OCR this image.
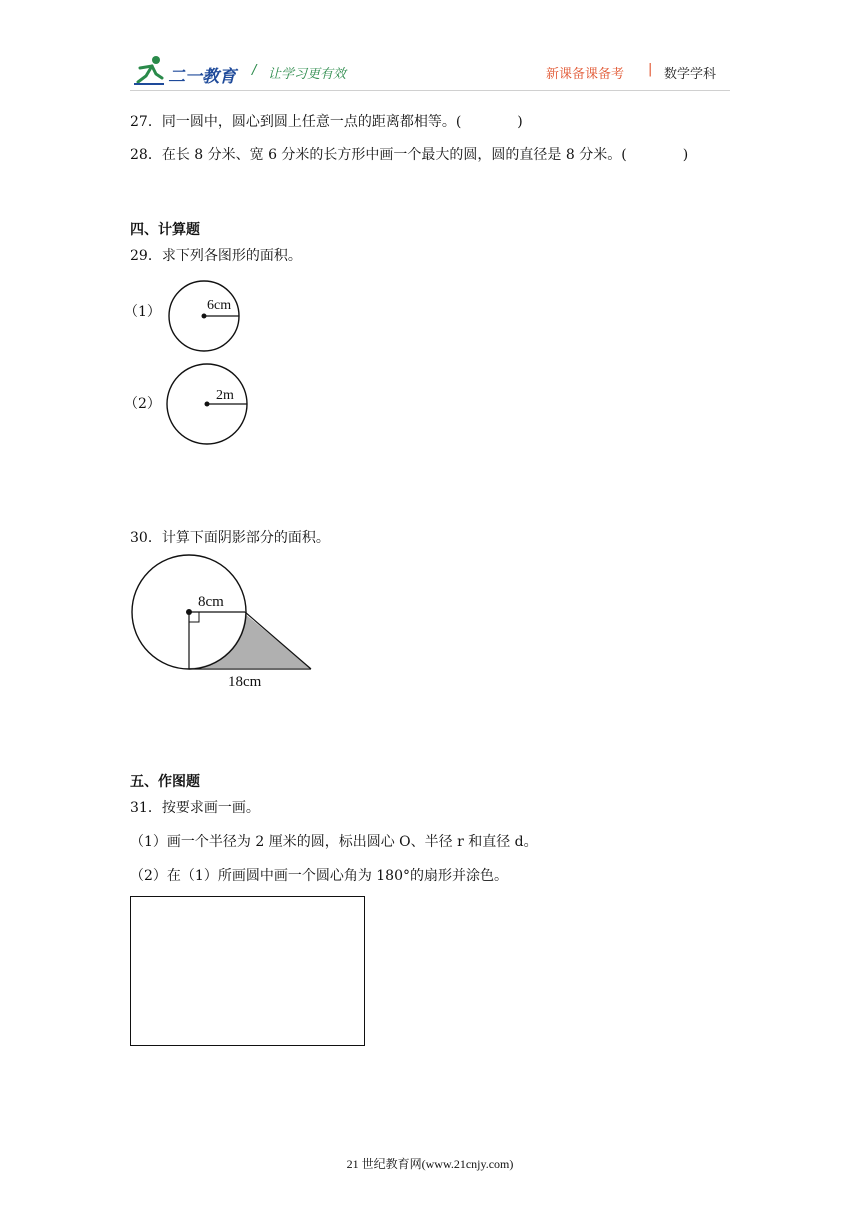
二一教育 / 让学习更有效	新课备课备考 | 数学学科
27．同一圆中，圆心到圆上任意一点的距离都相等。(　　　　)
28．在长 8 分米、宽 6 分米的长方形中画一个最大的圆，圆的直径是 8 分米。(　　　　)
四、计算题
29．求下列各图形的面积。
（1）	6cm
（2）
2m
30．计算下面阴影部分的面积。
8cm
18cm
五、作图题
31．按要求画一画。
（1）画一个半径为 2 厘米的圆，标出圆心 O、半径 r 和直径 d。
（2）在（1）所画圆中画一个圆心角为 180°的扇形并涂色。
21 世纪教育网(www.21cnjy.com)
